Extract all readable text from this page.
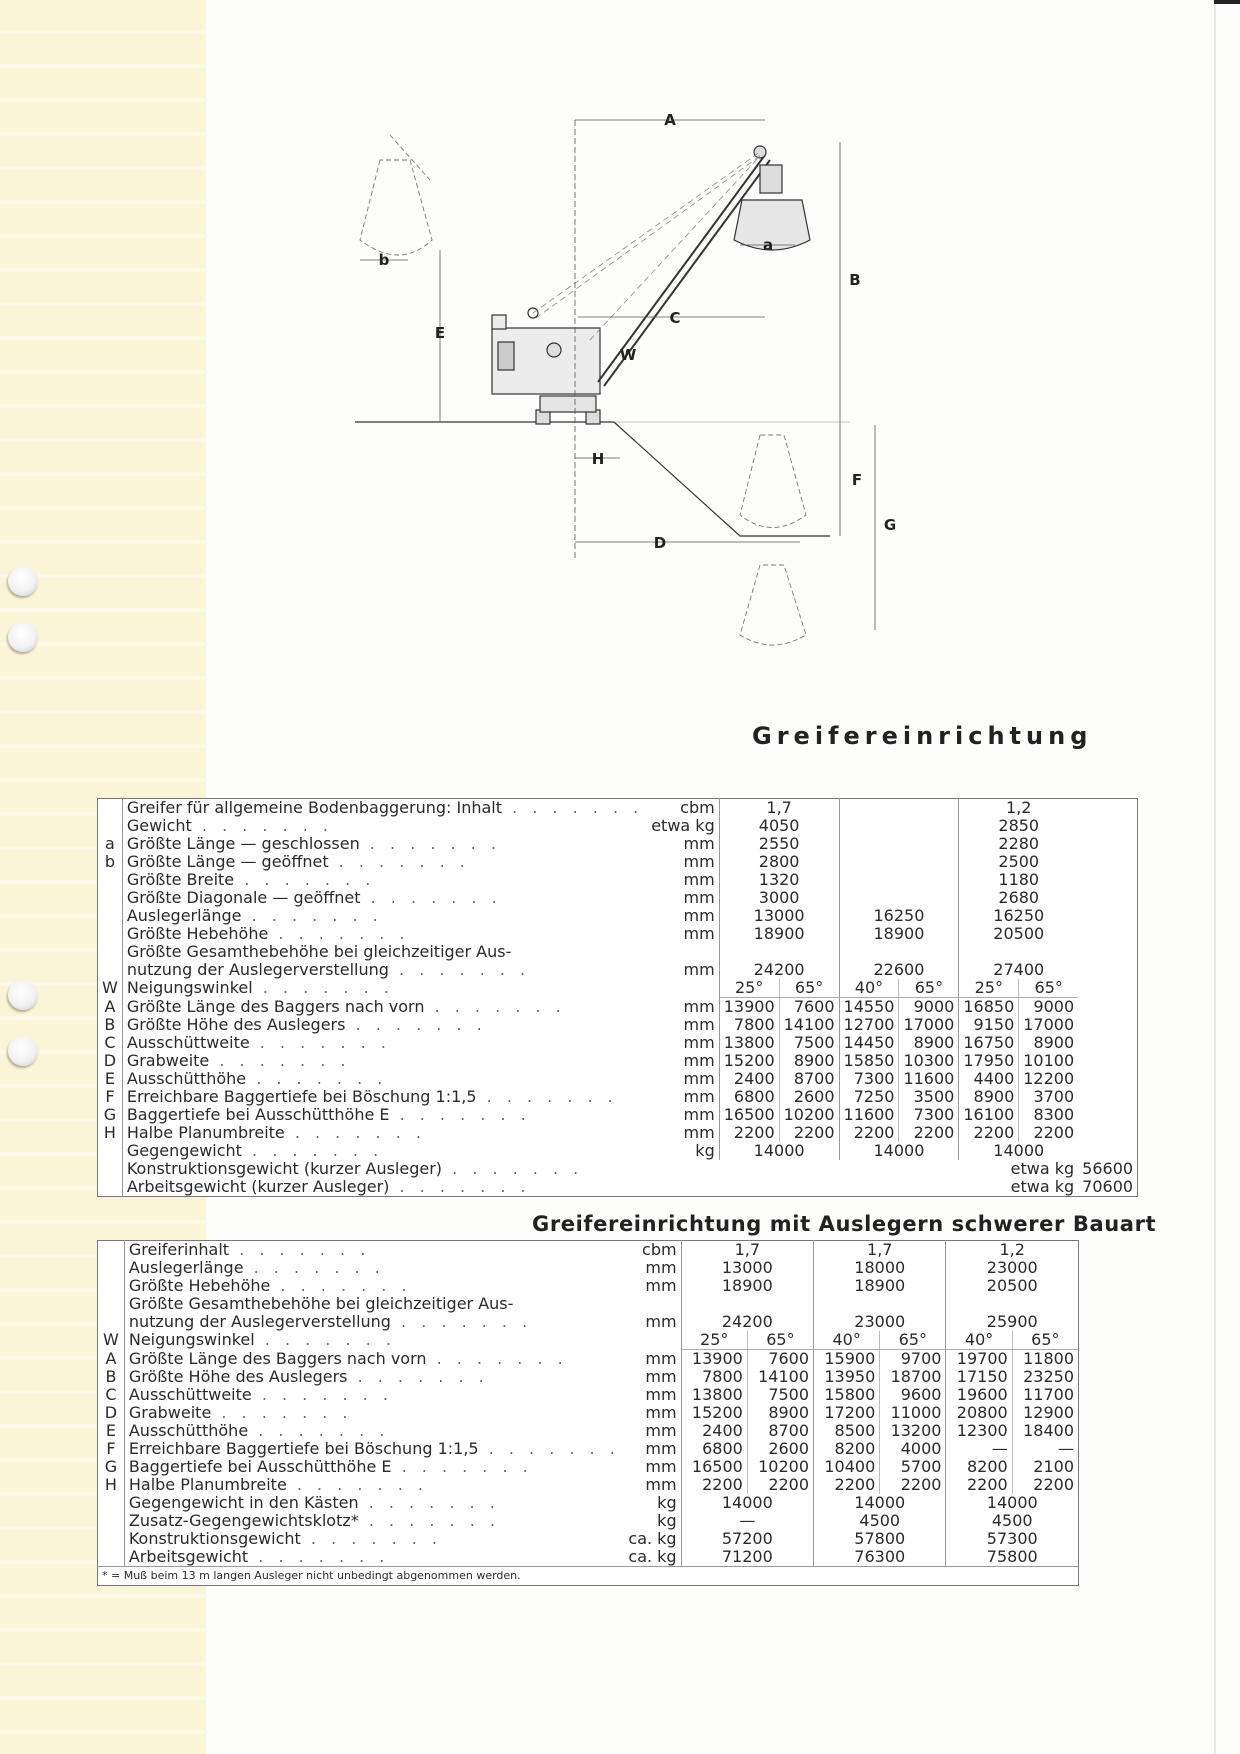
A
B
C
D
E
F
G
H
W
a
b
Greifereinrichtung
	Greifer für allgemeine Bodenbaggerung: Inhalt . . . . . . .	cbm	1,7				1,2		
	Gewicht . . . . . . .	etwa kg	4050				2850		
a	Größte Länge — geschlossen . . . . . . .	mm	2550				2280		
b	Größte Länge — geöffnet . . . . . . .	mm	2800				2500		
	Größte Breite . . . . . . .	mm	1320				1180		
	Größte Diagonale — geöffnet . . . . . . .	mm	3000				2680		
	Auslegerlänge . . . . . . .	mm	13000		16250		16250		
	Größte Hebehöhe . . . . . . .	mm	18900		18900		20500		
	Größte Gesamthebehöhe bei gleichzeitiger Aus-								
	nutzung der Auslegerverstellung . . . . . . .	mm	24200		22600		27400		
W	Neigungswinkel . . . . . . .		25°	65°	40°	65°	25°	65°	
A	Größte Länge des Baggers nach vorn . . . . . . .	mm	13900	7600	14550	9000	16850	9000	
B	Größte Höhe des Auslegers . . . . . . .	mm	7800	14100	12700	17000	9150	17000	
C	Ausschüttweite . . . . . . .	mm	13800	7500	14450	8900	16750	8900	
D	Grabweite . . . . . . .	mm	15200	8900	15850	10300	17950	10100	
E	Ausschütthöhe . . . . . . .	mm	2400	8700	7300	11600	4400	12200	
F	Erreichbare Baggertiefe bei Böschung 1:1,5 . . . . . . .	mm	6800	2600	7250	3500	8900	3700	
G	Baggertiefe bei Ausschütthöhe E . . . . . . .	mm	16500	10200	11600	7300	16100	8300	
H	Halbe Planumbreite . . . . . . .	mm	2200	2200	2200	2200	2200	2200	
	Gegengewicht . . . . . . .	kg	14000		14000		14000		
	Konstruktionsgewicht (kurzer Ausleger) . . . . . . .						etwa kg		56600
	Arbeitsgewicht (kurzer Ausleger) . . . . . . .						etwa kg		70600
Greifereinrichtung mit Auslegern schwerer Bauart
	Greiferinhalt . . . . . . .	cbm	1,7		1,7		1,2	
	Auslegerlänge . . . . . . .	mm	13000		18000		23000	
	Größte Hebehöhe . . . . . . .	mm	18900		18900		20500	
	Größte Gesamthebehöhe bei gleichzeitiger Aus-							
	nutzung der Auslegerverstellung . . . . . . .	mm	24200		23000		25900	
W	Neigungswinkel . . . . . . .		25°	65°	40°	65°	40°	65°
A	Größte Länge des Baggers nach vorn . . . . . . .	mm	13900	7600	15900	9700	19700	11800
B	Größte Höhe des Auslegers . . . . . . .	mm	7800	14100	13950	18700	17150	23250
C	Ausschüttweite . . . . . . .	mm	13800	7500	15800	9600	19600	11700
D	Grabweite . . . . . . .	mm	15200	8900	17200	11000	20800	12900
E	Ausschütthöhe . . . . . . .	mm	2400	8700	8500	13200	12300	18400
F	Erreichbare Baggertiefe bei Böschung 1:1,5 . . . . . . .	mm	6800	2600	8200	4000	—	—
G	Baggertiefe bei Ausschütthöhe E . . . . . . .	mm	16500	10200	10400	5700	8200	2100
H	Halbe Planumbreite . . . . . . .	mm	2200	2200	2200	2200	2200	2200
	Gegengewicht in den Kästen . . . . . . .	kg	14000		14000		14000	
	Zusatz-Gegengewichtsklotz* . . . . . . .	kg	—		4500		4500	
	Konstruktionsgewicht . . . . . . .	ca. kg	57200		57800		57300	
	Arbeitsgewicht . . . . . . .	ca. kg	71200		76300		75800	
* = Muß beim 13 m langen Ausleger nicht unbedingt abgenommen werden.								
